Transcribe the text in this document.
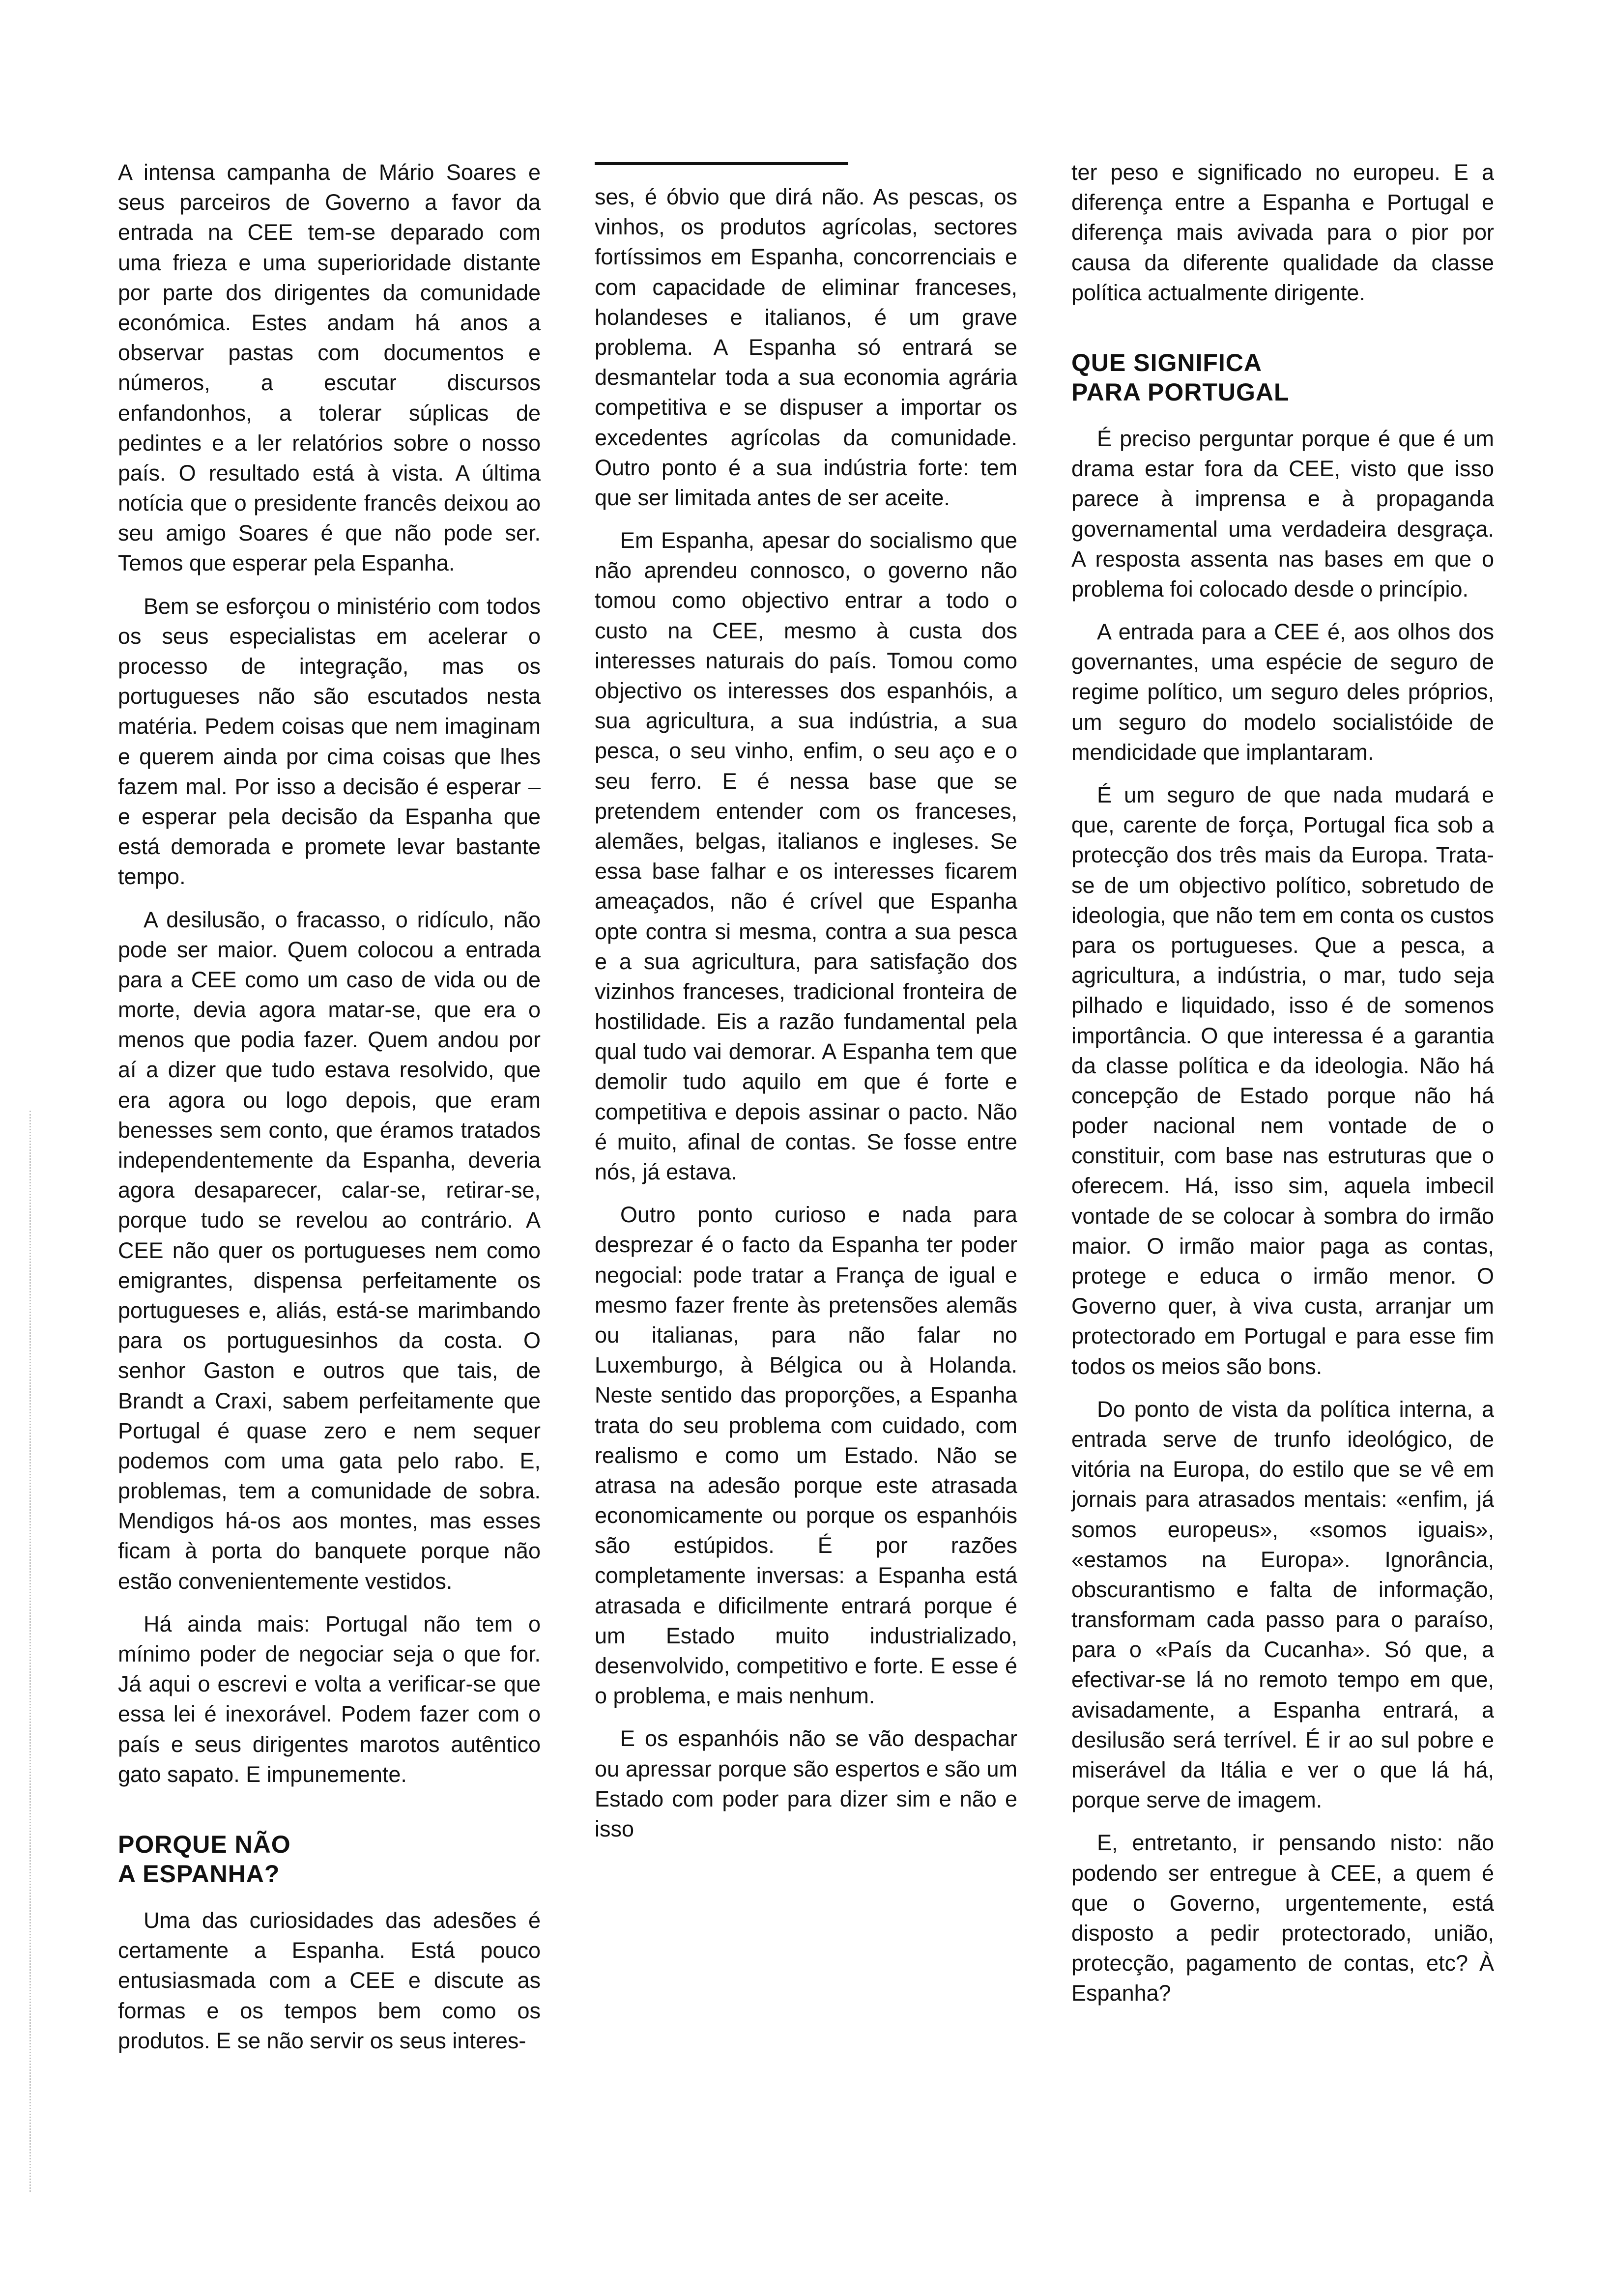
A intensa campanha de Mário Soares e seus parceiros de Governo a favor da entrada na CEE tem-se deparado com uma frieza e uma superioridade distante por parte dos dirigentes da comunidade económica. Estes andam há anos a observar pastas com documentos e números, a escutar discursos enfandonhos, a tolerar súplicas de pedintes e a ler relatórios sobre o nosso país. O resultado está à vista. A última notícia que o presidente francês deixou ao seu amigo Soares é que não pode ser. Temos que esperar pela Espanha.

Bem se esforçou o ministério com todos os seus especialistas em acelerar o processo de integração, mas os portugueses não são escutados nesta matéria. Pedem coisas que nem imaginam e querem ainda por cima coisas que lhes fazem mal. Por isso a decisão é esperar – e esperar pela decisão da Espanha que está demorada e promete levar bastante tempo.

A desilusão, o fracasso, o ridículo, não pode ser maior. Quem colocou a entrada para a CEE como um caso de vida ou de morte, devia agora matar-se, que era o menos que podia fazer. Quem andou por aí a dizer que tudo estava resolvido, que era agora ou logo depois, que eram benesses sem conto, que éramos tratados independentemente da Espanha, deveria agora desaparecer, calar-se, retirar-se, porque tudo se revelou ao contrário. A CEE não quer os portugueses nem como emigrantes, dispensa perfeitamente os portugueses e, aliás, está-se marimbando para os portuguesinhos da costa. O senhor Gaston e outros que tais, de Brandt a Craxi, sabem perfeitamente que Portugal é quase zero e nem sequer podemos com uma gata pelo rabo. E, problemas, tem a comunidade de sobra. Mendigos há-os aos montes, mas esses ficam à porta do banquete porque não estão convenientemente vestidos.

Há ainda mais: Portugal não tem o mínimo poder de negociar seja o que for. Já aqui o escrevi e volta a verificar-se que essa lei é inexorável. Podem fazer com o país e seus dirigentes marotos autêntico gato sapato. E impunemente.

PORQUE NÃO
A ESPANHA?

Uma das curiosidades das adesões é certamente a Espanha. Está pouco entusiasmada com a CEE e discute as formas e os tempos bem como os produtos. E se não servir os seus interes-

ses, é óbvio que dirá não. As pescas, os vinhos, os produtos agrícolas, sectores fortíssimos em Espanha, concorrenciais e com capacidade de eliminar franceses, holandeses e italianos, é um grave problema. A Espanha só entrará se desmantelar toda a sua economia agrária competitiva e se dispuser a importar os excedentes agrícolas da comunidade. Outro ponto é a sua indústria forte: tem que ser limitada antes de ser aceite.

Em Espanha, apesar do socialismo que não aprendeu connosco, o governo não tomou como objectivo entrar a todo o custo na CEE, mesmo à custa dos interesses naturais do país. Tomou como objectivo os interesses dos espanhóis, a sua agricultura, a sua indústria, a sua pesca, o seu vinho, enfim, o seu aço e o seu ferro. E é nessa base que se pretendem entender com os franceses, alemães, belgas, italianos e ingleses. Se essa base falhar e os interesses ficarem ameaçados, não é crível que Espanha opte contra si mesma, contra a sua pesca e a sua agricultura, para satisfação dos vizinhos franceses, tradicional fronteira de hostilidade. Eis a razão fundamental pela qual tudo vai demorar. A Espanha tem que demolir tudo aquilo em que é forte e competitiva e depois assinar o pacto. Não é muito, afinal de contas. Se fosse entre nós, já estava.

Outro ponto curioso e nada para desprezar é o facto da Espanha ter poder negocial: pode tratar a França de igual e mesmo fazer frente às pretensões alemãs ou italianas, para não falar no Luxemburgo, à Bélgica ou à Holanda. Neste sentido das proporções, a Espanha trata do seu problema com cuidado, com realismo e como um Estado. Não se atrasa na adesão porque este atrasada economicamente ou porque os espanhóis são estúpidos. É por razões completamente inversas: a Espanha está atrasada e dificilmente entrará porque é um Estado muito industrializado, desenvolvido, competitivo e forte. E esse é o problema, e mais nenhum.

E os espanhóis não se vão despachar ou apressar porque são espertos e são um Estado com poder para dizer sim e não e isso

ter peso e significado no europeu. E a diferença entre a Espanha e Portugal e diferença mais avivada para o pior por causa da diferente qualidade da classe política actualmente dirigente.

QUE SIGNIFICA
PARA PORTUGAL

É preciso perguntar porque é que é um drama estar fora da CEE, visto que isso parece à imprensa e à propaganda governamental uma verdadeira desgraça. A resposta assenta nas bases em que o problema foi colocado desde o princípio.

A entrada para a CEE é, aos olhos dos governantes, uma espécie de seguro de regime político, um seguro deles próprios, um seguro do modelo socialistóide de mendicidade que implantaram.

É um seguro de que nada mudará e que, carente de força, Portugal fica sob a protecção dos três mais da Europa. Trata-se de um objectivo político, sobretudo de ideologia, que não tem em conta os custos para os portugueses. Que a pesca, a agricultura, a indústria, o mar, tudo seja pilhado e liquidado, isso é de somenos importância. O que interessa é a garantia da classe política e da ideologia. Não há concepção de Estado porque não há poder nacional nem vontade de o constituir, com base nas estruturas que o oferecem. Há, isso sim, aquela imbecil vontade de se colocar à sombra do irmão maior. O irmão maior paga as contas, protege e educa o irmão menor. O Governo quer, à viva custa, arranjar um protectorado em Portugal e para esse fim todos os meios são bons.

Do ponto de vista da política interna, a entrada serve de trunfo ideológico, de vitória na Europa, do estilo que se vê em jornais para atrasados mentais: «enfim, já somos europeus», «somos iguais», «estamos na Europa». Ignorância, obscurantismo e falta de informação, transformam cada passo para o paraíso, para o «País da Cucanha». Só que, a efectivar-se lá no remoto tempo em que, avisadamente, a Espanha entrará, a desilusão será terrível. É ir ao sul pobre e miserável da Itália e ver o que lá há, porque serve de imagem.

E, entretanto, ir pensando nisto: não podendo ser entregue à CEE, a quem é que o Governo, urgentemente, está disposto a pedir protectorado, união, protecção, pagamento de contas, etc? À Espanha?
